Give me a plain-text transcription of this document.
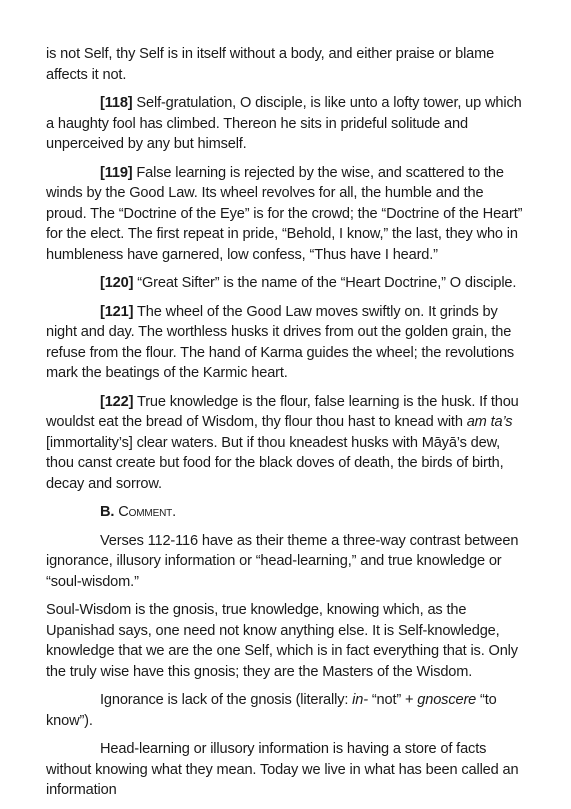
is not Self, thy Self is in itself without a body, and either praise or blame affects it not.

[118] Self-gratulation, O disciple, is like unto a lofty tower, up which a haughty fool has climbed. Thereon he sits in prideful solitude and unperceived by any but himself.

[119] False learning is rejected by the wise, and scattered to the winds by the Good Law. Its wheel revolves for all, the humble and the proud. The “Doctrine of the Eye” is for the crowd; the “Doctrine of the Heart” for the elect. The first repeat in pride, “Behold, I know,” the last, they who in humbleness have garnered, low confess, “Thus have I heard.”

[120] “Great Sifter” is the name of the “Heart Doctrine,” O disciple.

[121] The wheel of the Good Law moves swiftly on. It grinds by night and day. The worthless husks it drives from out the golden grain, the refuse from the flour. The hand of Karma guides the wheel; the revolutions mark the beatings of the Karmic heart.

[122] True knowledge is the flour, false learning is the husk. If thou wouldst eat the bread of Wisdom, thy flour thou hast to knead with am ta’s [immortality’s] clear waters. But if thou kneadest husks with Māyā’s dew, thou canst create but food for the black doves of death, the birds of birth, decay and sorrow.

B. Comment.

Verses 112-116 have as their theme a three-way contrast between ignorance, illusory information or “head-learning,” and true knowledge or “soul-wisdom.”

Soul-Wisdom is the gnosis, true knowledge, knowing which, as the Upanishad says, one need not know anything else. It is Self-knowledge, knowledge that we are the one Self, which is in fact everything that is. Only the truly wise have this gnosis; they are the Masters of the Wisdom.

Ignorance is lack of the gnosis (literally: in- “not” + gnoscere “to know”).

Head-learning or illusory information is having a store of facts without knowing what they mean. Today we live in what has been called an information
